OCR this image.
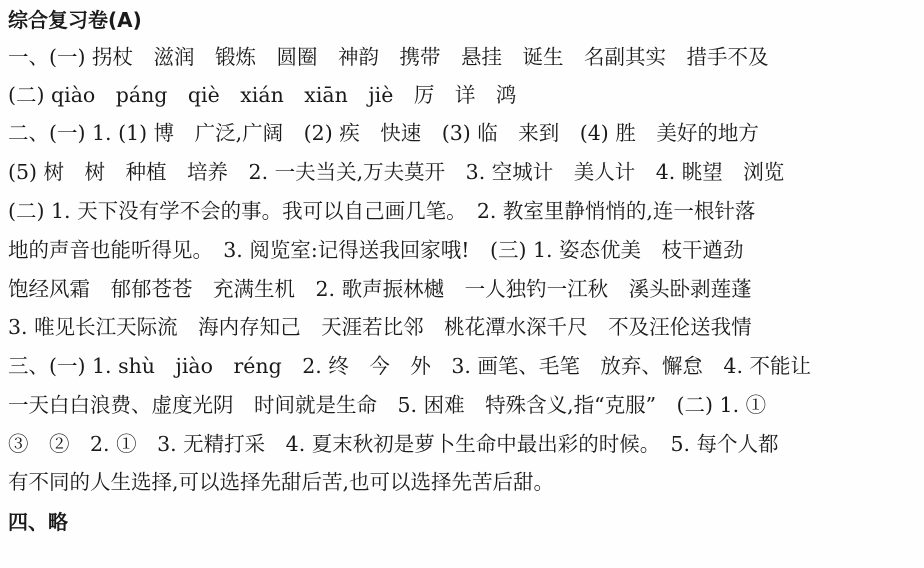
综合复习卷(A)
一、(一) 拐杖　滋润　锻炼　圆圈　神韵　携带　悬挂　诞生　名副其实　措手不及
(二) qiào　páng　qiè　xián　xiān　jiè　厉　详　鸿
二、(一) 1. (1) 博　广泛,广阔　(2) 疾　快速　(3) 临　来到　(4) 胜　美好的地方
(5) 树　树　种植　培养　2. 一夫当关,万夫莫开　3. 空城计　美人计　4. 眺望　浏览
(二) 1. 天下没有学不会的事。我可以自己画几笔。　2. 教室里静悄悄的,连一根针落
地的声音也能听得见。　3. 阅览室:记得送我回家哦!　(三) 1. 姿态优美　枝干遒劲
饱经风霜　郁郁苍苍　充满生机　2. 歌声振林樾　一人独钓一江秋　溪头卧剥莲蓬
3. 唯见长江天际流　海内存知己　天涯若比邻　桃花潭水深千尺　不及汪伦送我情
三、(一) 1. shù　jiào　réng　2. 终　今　外　3. 画笔、毛笔　放弃、懈怠　4. 不能让
一天白白浪费、虚度光阴　时间就是生命　5. 困难　特殊含义,指“克服”　(二) 1. ①
③　②　2. ①　3. 无精打采　4. 夏末秋初是萝卜生命中最出彩的时候。　5. 每个人都
有不同的人生选择,可以选择先甜后苦,也可以选择先苦后甜。
四、略
